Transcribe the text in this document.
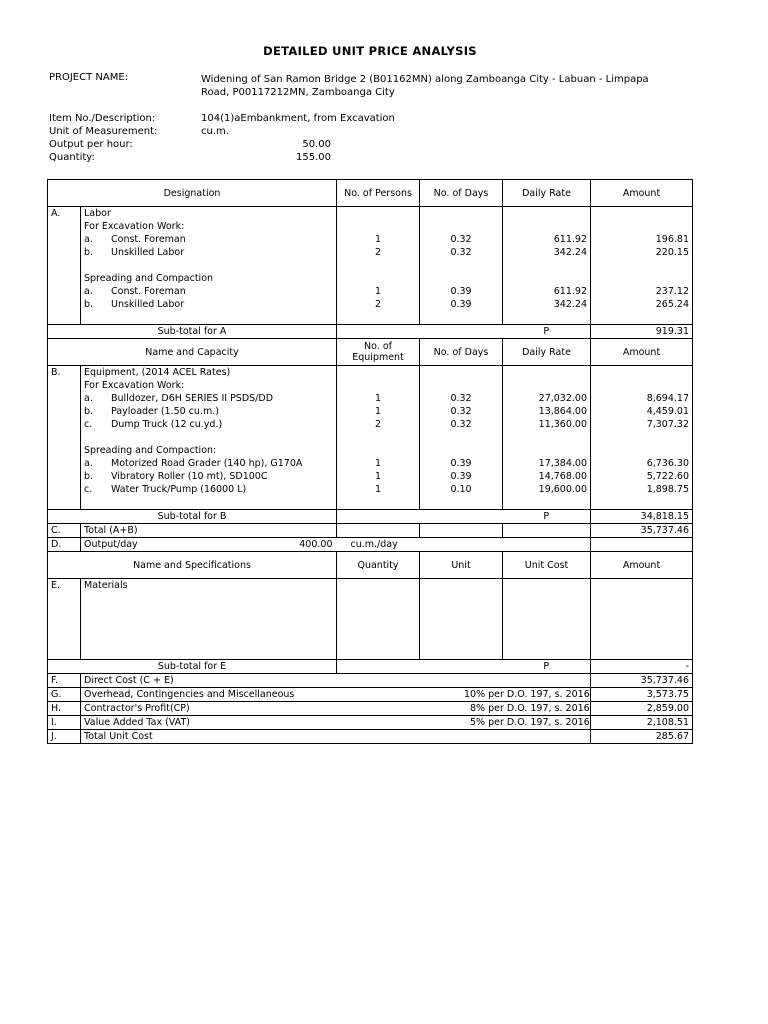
DETAILED UNIT PRICE ANALYSIS
PROJECT NAME:	Widening of San Ramon Bridge 2 (B01162MN) along Zamboanga City - Labuan - Limpapa Road, P00117212MN, Zamboanga City
Item No./Description:	104(1)aEmbankment, from Excavation
Unit of Measurement:	cu.m.
Output per hour:	50.00
Quantity:	155.00
Designation		No. of Persons	No. of Days	Daily Rate	Amount
A.	Labor				
	For Excavation Work:				
	a. Const. Foreman	1	0.32	611.92	196.81
	b. Unskilled Labor	2	0.32	342.24	220.15

	Spreading and Compaction				
	a. Const. Foreman	1	0.39	611.92	237.12
	b. Unskilled Labor	2	0.39	342.24	265.24

Sub-total for A				P	919.31
Name and Capacity		No. of Equipment	No. of Days	Daily Rate	Amount
B.	Equipment, (2014 ACEL Rates)				
	For Excavation Work:				
	a. Bulldozer, D6H SERIES II PSDS/DD	1	0.32	27,032.00	8,694.17
	b. Payloader (1.50 cu.m.)	1	0.32	13,864.00	4,459.01
	c. Dump Truck (12 cu.yd.)	2	0.32	11,360.00	7,307.32

	Spreading and Compaction:				
	a. Motorized Road Grader (140 hp), G170A	1	0.39	17,384.00	6,736.30
	b. Vibratory Roller (10 mt), SD100C	1	0.39	14,768.00	5,722.60
	c. Water Truck/Pump (16000 L)	1	0.10	19,600.00	1,898.75

Sub-total for B				P	34,818.15
C.	Total (A+B)				35,737.46
D.	Output/day 400.00	cu.m./day			
Name and Specifications		Quantity	Unit	Unit Cost	Amount
E.	Materials				
Sub-total for E				P	-
F.	Direct Cost (C + E)				35,737.46
G.	Overhead, Contingencies and Miscellaneous 10% per D.O. 197, s. 2016				3,573.75
H.	Contractor's Profit(CP) 8% per D.O. 197, s. 2016				2,859.00
I.	Value Added Tax (VAT) 5% per D.O. 197, s. 2016				2,108.51
J.	Total Unit Cost				285.67
